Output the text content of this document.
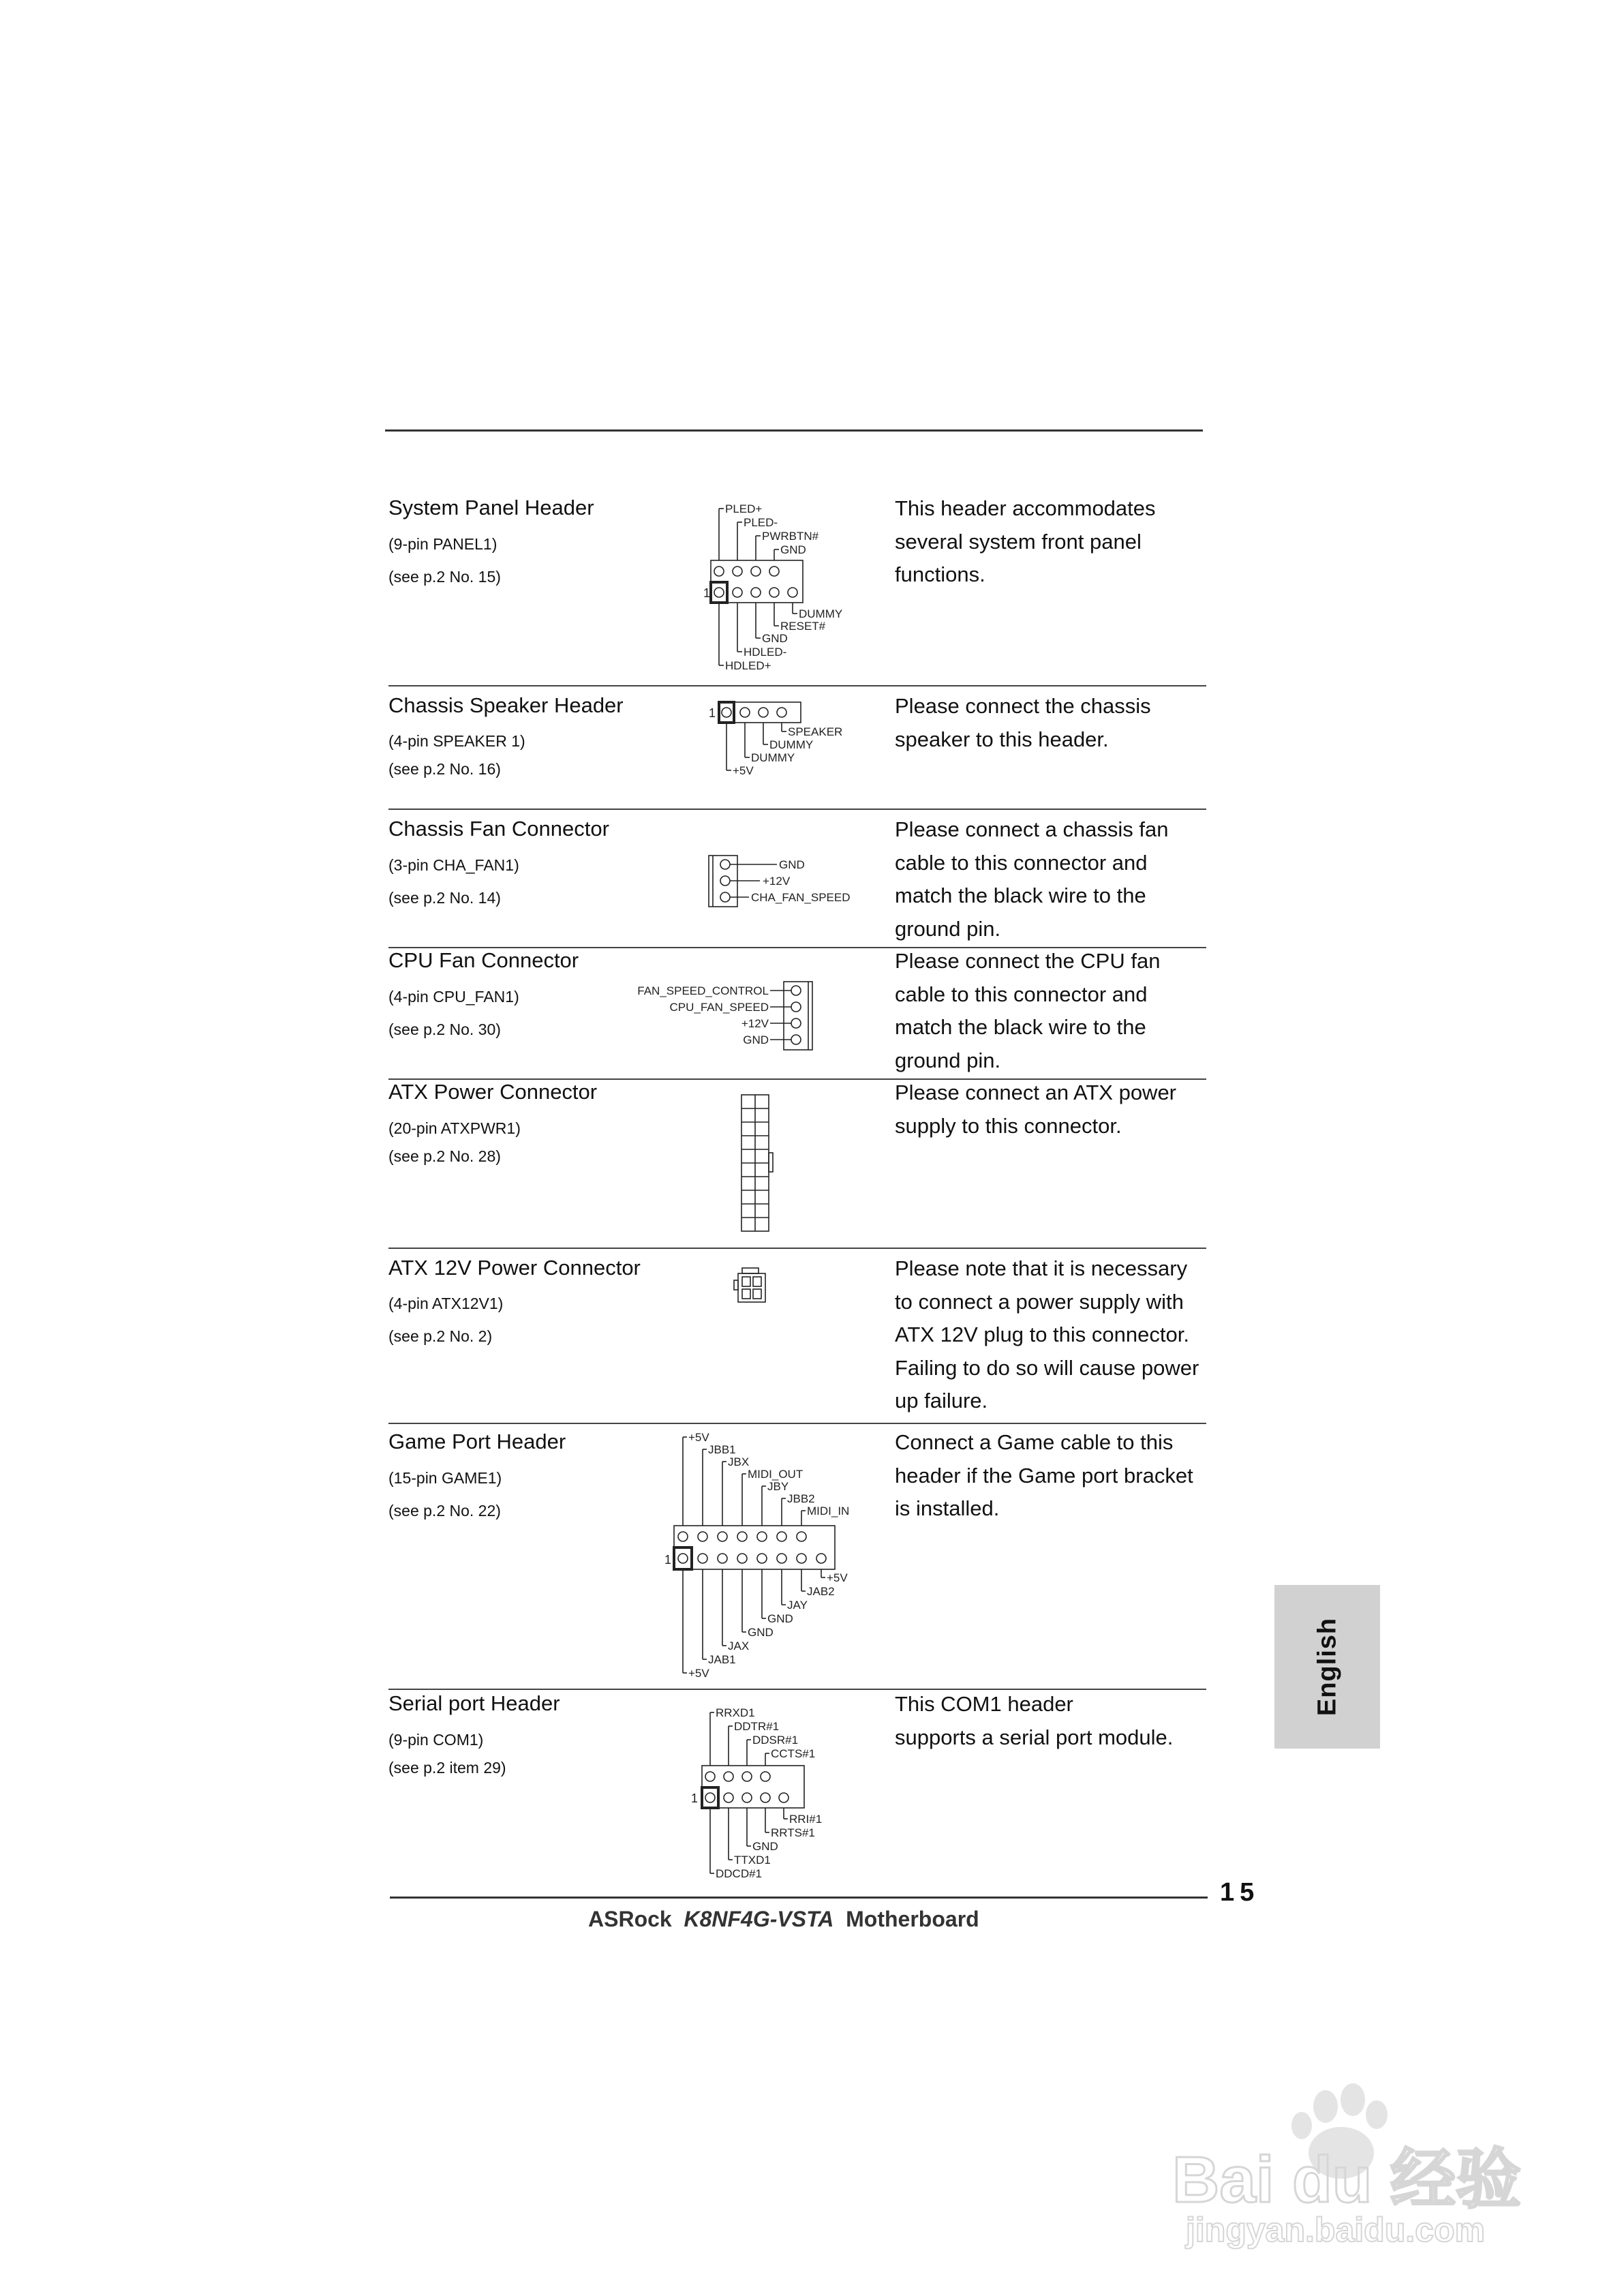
System Panel Header
(9-pin PANEL1)
(see p.2 No. 15)
This header accommodates
several system front panel
functions.
1
PLED+
PLED-
PWRBTN#
GND
DUMMY
RESET#
GND
HDLED-
HDLED+
Chassis Speaker Header
(4-pin SPEAKER 1)
(see p.2 No. 16)
Please connect the chassis
speaker to this header.
1
SPEAKER
DUMMY
DUMMY
+5V
Chassis Fan Connector
(3-pin CHA_FAN1)
(see p.2 No. 14)
Please connect a chassis fan
cable to this connector and
match the black wire to the
ground pin.
GND
+12V
CHA_FAN_SPEED
CPU Fan Connector
(4-pin CPU_FAN1)
(see p.2 No. 30)
Please connect the CPU fan
cable to this connector and
match the black wire to the
ground pin.
FAN_SPEED_CONTROL
CPU_FAN_SPEED
+12V
GND
ATX Power Connector
(20-pin ATXPWR1)
(see p.2 No. 28)
Please connect an ATX power
supply to this connector.
ATX 12V Power Connector
(4-pin ATX12V1)
(see p.2 No. 2)
Please note that it is necessary
to connect a power supply with
ATX 12V plug to this connector.
Failing to do so will cause power
up failure.
Game Port Header
(15-pin GAME1)
(see p.2 No. 22)
Connect a Game cable to this
header if the Game port bracket
is installed.
1
+5V
JBB1
JBX
MIDI_OUT
JBY
JBB2
MIDI_IN
+5V
JAB2
JAY
GND
GND
JAX
JAB1
+5V
Serial port Header
(9-pin COM1)
(see p.2 item 29)
This COM1 header
supports a serial port module.
1
RRXD1
DDTR#1
DDSR#1
CCTS#1
RRI#1
RRTS#1
GND
TTXD1
DDCD#1
English
15
ASRock K8NF4G-VSTA Motherboard
Bai du 经验
jingyan.baidu.com
